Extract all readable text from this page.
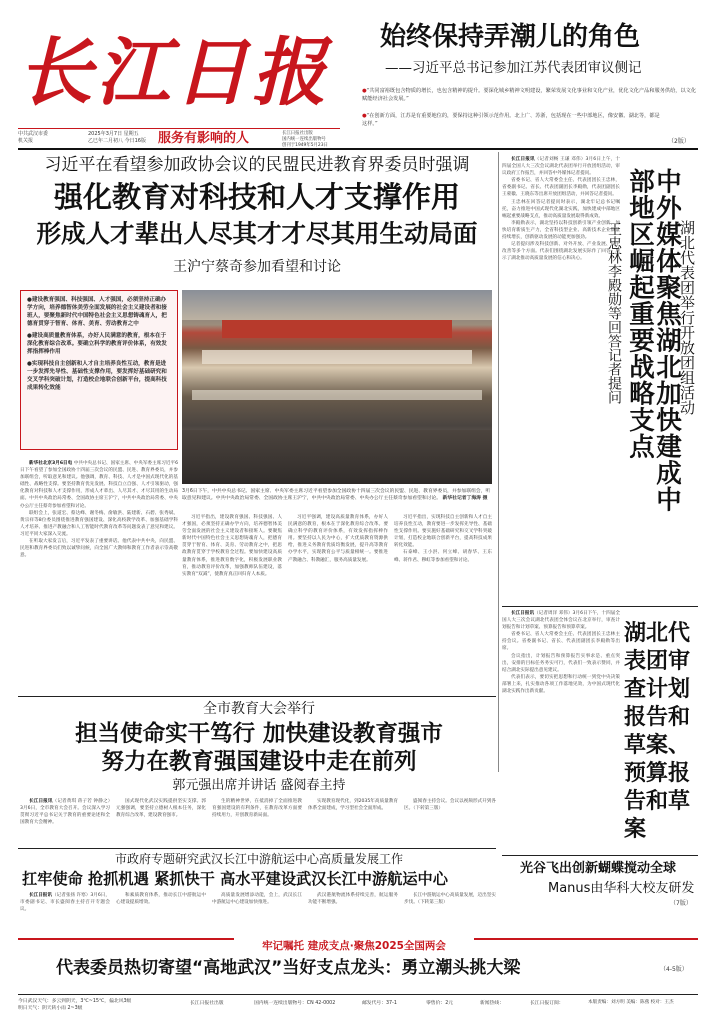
长江日报
中共武汉市委
机关报
2025年3月7日 星期五
乙巳年二月初八 今日16版 服务有影响的人	长江日报社出版
国内统一连续出版物号
创刊于1949年5月23日
始终保持弄潮儿的角色
——习近平总书记参加江苏代表团审议侧记
●“共同富裕既包含物质的增长，也包含精神的提升。要深化城乡精神文明建设，繁荣发展文化事业和文化产业，优化文化产品和服务供给，以文化赋能经济社会发展。”
●“在创新方面，江苏是有重要地位的，要保持这种引领示范作用。北上广、苏浙，包括现在一些中部地区，像安徽、湖北等，都是这样。”
（2版）
习近平在看望参加政协会议的民盟民进教育界委员时强调
强化教育对科技和人才支撑作用
形成人才辈出人尽其才才尽其用生动局面
王沪宁蔡奇参加看望和讨论
●建设教育强国、科技强国、人才强国，必须坚持正确办学方向，培养德智体美劳全面发展的社会主义建设者和接班人，要聚焦新时代中国特色社会主义思想铸魂育人，把德育贯穿于智育、体育、美育、劳动教育之中
●建设高质量教育体系，办好人民满意的教育，根本在于深化教育综合改革。要确立科学的教育评价体系，有效发挥指挥棒作用
●实现科技自主创新和人才自主培养良性互动，教育是进一步发挥先导性、基础性支撑作用，要发挥好基础研究和交叉学科突破计划，打造校企地联合创新平台，提高科技成果转化效能

新华社北京3月6日电 中共中央总书记、国家主席、中央军委主席习近平6日下午看望了参加全国政协十四届三次会议的民盟、民进、教育界委员，并参加联组会，听取意见和建议。他强调，教育、科技、人才是中国式现代化的基础性、战略性支撑。要坚持教育优先发展、科技自立自强、人才引领驱动，强化教育对科技和人才支撑作用，形成人才辈出、人尽其才、才尽其用的生动局面。中共中央政治局常委、全国政协主席王沪宁，中共中央政治局常委、中央办公厅主任蔡奇参加看望和讨论。

联组会上，张道宏、蔡达峰、谢冬梅、俞敏洪、陆建新、石碧、张秀斌、黄宗祥等8位委员围绕推进教育强国建设、深化高校教学改革、加强基础学科人才培养、推进产教融合和人工智能时代教育改革等问题发表了意见和建议。习近平同大家深入交流。

在听取大家发言后，习近平发表了重要讲话。他代表中共中央，向民盟、民进和教育界委员们致以诚挚问候，向全国广大教师和教育工作者表示崇高敬意。

3月6日下午，中共中央总书记、国家主席、中央军委主席习近平看望参加全国政协十四届三次会议的民盟、民进、教育界委员，并参加联组会，听取意见和建议。中共中央政治局常委、全国政协主席王沪宁，中共中央政治局常委、中央办公厅主任蔡奇参加看望和讨论。 新华社记者丁海涛 摄

习近平指出，建设教育强国、科技强国、人才强国，必须坚持正确办学方向，培养德智体美劳全面发展的社会主义建设者和接班人。要聚焦新时代中国特色社会主义思想铸魂育人，把德育贯穿于智育、体育、美育、劳动教育之中，把思政教育贯穿于学校教育全过程。要加快建设高质量教育体系，推进教育数字化，积极发展职业教育，推动教育评价改革，加强教师队伍建设，落实教育“双减”，使教育真正回归育人本质。

习近平强调，建设高质量教育体系，办好人民满意的教育，根本在于深化教育综合改革。要确立科学的教育评价体系，有效发挥指挥棒作用。要坚持以人民为中心，扩大优质教育资源供给，推进义务教育优质均衡发展，提升高等教育办学水平，实现教育公平与质量相统一。要推进产教融合、科教融汇，服务高质量发展。

习近平指出，实现科技自主创新和人才自主培养良性互动，教育要进一步发挥先导性、基础性支撑作用。要实施好基础研究和交叉学科突破计划，打造校企地联合创新平台，提高科技成果转化效能。

石泰峰、王小洪、何立峰、胡春华、王东峰、蒋作君、穆虹等参加看望和讨论。

长江日报讯（记者刘畅 王谦 邓伟）3月6日上午，十四届全国人大三次会议湖北代表团举行开放团组活动，审议政府工作报告，并回答中外媒体记者提问。

省委书记、省人大常委会主任、代表团团长王忠林，省委副书记、省长、代表团副团长李殿勋，代表团副团长王蒙徽、王晓东等出席开放团组活动，并回答记者提问。

王忠林在回答记者提问时表示，湖北牢记总书记嘱托，奋力推进中国式现代化湖北实践，加快建成中部地区崛起重要战略支点，推动高质量发展取得新成效。

李殿勋表示，湖北坚持以科技创新引领产业创新，加快培育新质生产力，全省科技型企业、高新技术企业数量持续增长，创新驱动发展的动能更加强劲。

记者提问涉及科技创新、对外开放、产业发展、民生改善等多个方面。代表们围绕湖北发展实际作了回答，展示了湖北推动高质量发展的信心和决心。	中外媒体聚焦湖北加快建成中部地区崛起重要战略支点	湖北代表团举行开放团组活动
王忠林李殿勋等回答记者提问

长江日报讯（记者周洋 邓伟）3月6日下午，十四届全国人大三次会议湖北代表团全体会议在北京举行，审查计划报告和计划草案、预算报告和预算草案。

省委书记、省人大常委会主任、代表团团长王忠林主持会议。省委副书记、省长、代表团副团长李殿勋等出席。

会议指出，计划报告和预算报告实事求是、重点突出，安排的目标任务务实可行，代表们一致表示赞同，并结合湖北实际提出意见建议。

代表们表示，要切实把思想和行动统一到党中央决策部署上来，扎实推动各项工作落地见效，为中国式现代化湖北实践作出新贡献。

湖北代表团审查计划报告和草案、预算报告和草案
光谷飞出创新蝴蝶搅动全球
Manus由华科大校友研发
（7版）
全市教育大会举行
担当使命实干笃行 加快建设教育强市
努力在教育强国建设中走在前列
郭元强出席并讲话 盛阅春主持

长江日报讯（记者黄琪 蒋子若 钟静之）3月6日，全市教育大会召开。会议深入学习贯彻习近平总书记关于教育的重要论述和全国教育大会精神。

国式现代化武汉实践提供坚实支撑。郭元强强调，要坚持立德树人根本任务，深化教育综合改革，建设教育强市。

生的精神世界，在抵消掉了全面推进教育强国建设的有利条件，在教育改革方面要持续用力，开创教育新局面。

实现教育现代化，到2035年高质量教育体系全面建成，学习型社会全面形成。

盛阅春主持会议。会议以视频形式开到各区。（下转第三版）

市政府专题研究武汉长江中游航运中心高质量发展工作
扛牢使命 抢抓机遇 紧抓快干 高水平建设武汉长江中游航运中心

长江日报讯（记者张扬 许寒）3月6日，市委副书记、市长盛阅春主持召开专题会议。

和素质教育体系，推动长江中游航运中心建设提质增效。

高质量发展增添动能，会上，武汉长江中游航运中心建设加快推进。

武汉港航物流体系持续完善，航运服务功能不断增强。

长江中游航运中心高质量发展，迈出坚实步伐。（下转第三版）

牢记嘱托 建成支点·聚焦2025全国两会
代表委员热切寄望“高地武汉”当好支点龙头：勇立潮头挑大梁	（4-5版）
今日武汉天气：多云到阴天，3℃~15℃，偏北风3级
明日天气：阴天转小雨 2~3级
长江日报社出版	国内统一连续出版物号：CN 42-0002	邮发代号：37-1	零售价：2元	新闻热线：	长江日报订阅：	本版责编：刘方明 美编：陈燕 校对：王杰
